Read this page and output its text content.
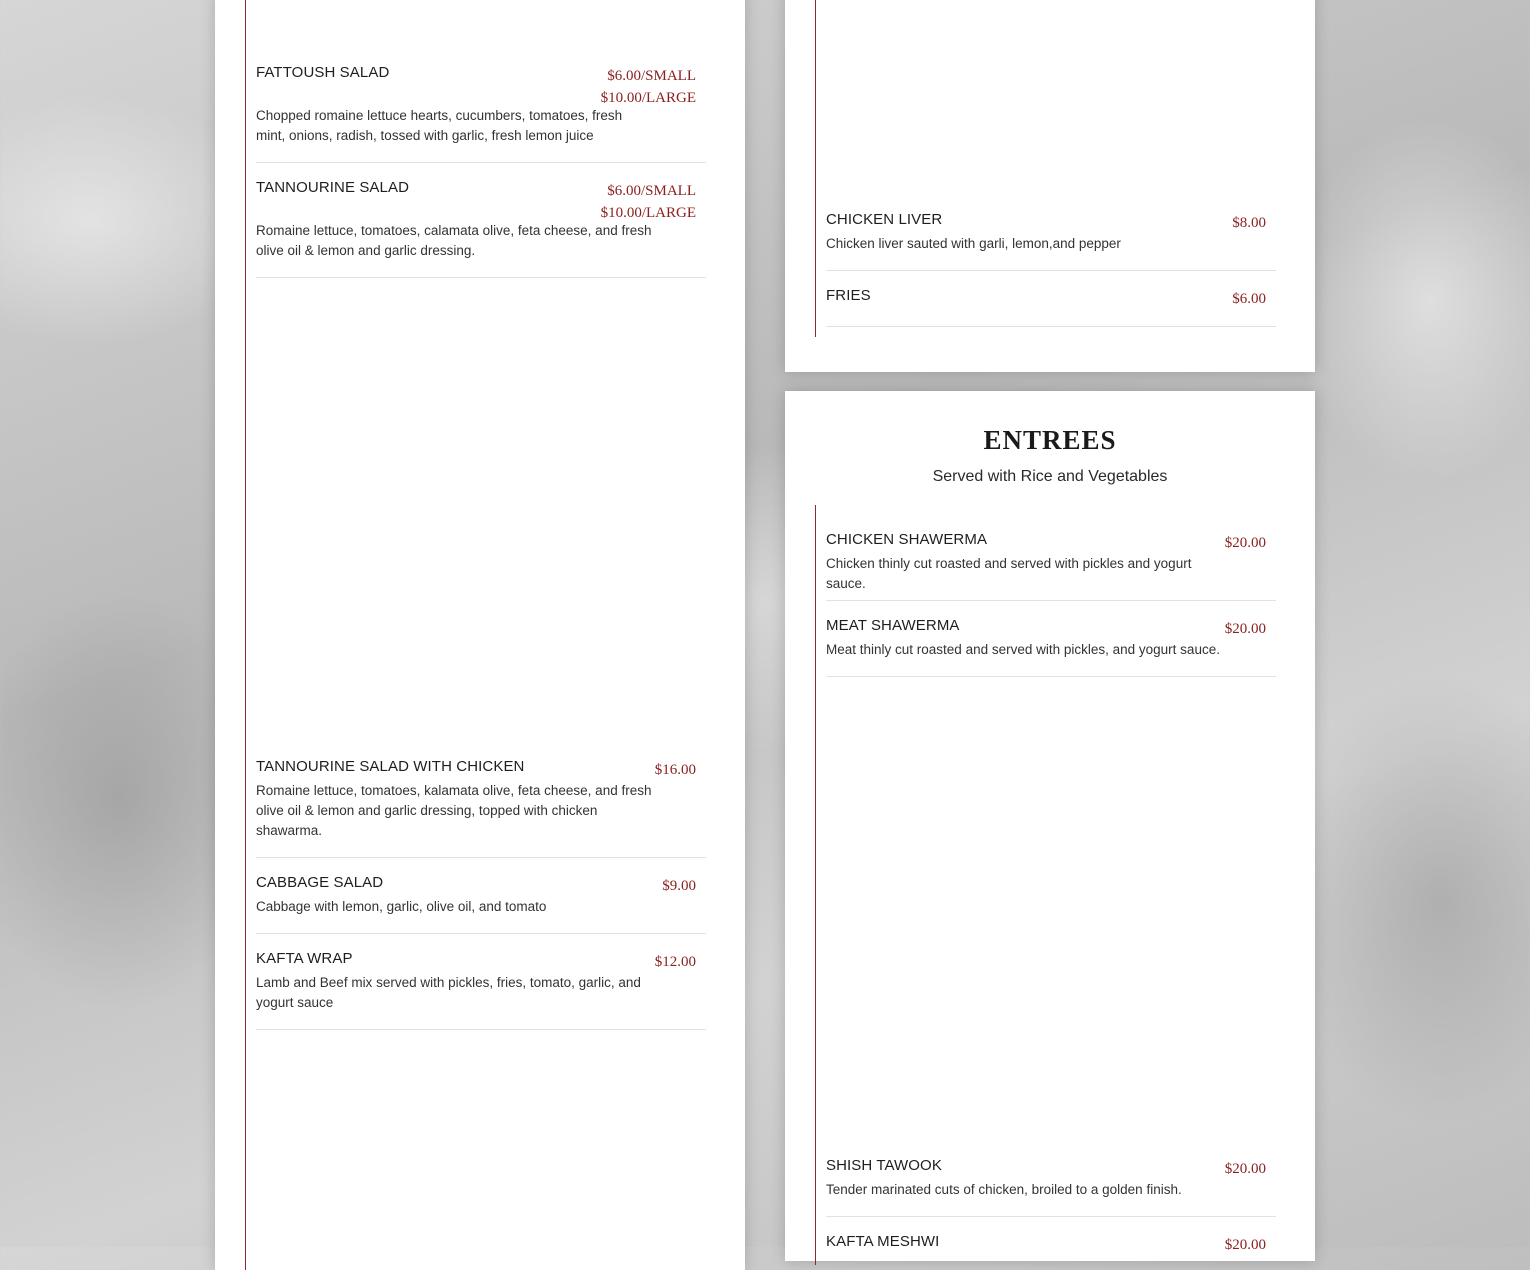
FATTOUSH SALAD	$6.00/SMALL
$10.00/LARGE
Chopped romaine lettuce hearts, cucumbers, tomatoes, fresh
mint, onions, radish, tossed with garlic, fresh lemon juice
TANNOURINE SALAD	$6.00/SMALL
$10.00/LARGE
Romaine lettuce, tomatoes, calamata olive, feta cheese, and fresh
olive oil & lemon and garlic dressing.
TANNOURINE SALAD WITH CHICKEN	$16.00
Romaine lettuce, tomatoes, kalamata olive, feta cheese, and fresh
olive oil & lemon and garlic dressing, topped with chicken
shawarma.
CABBAGE SALAD	$9.00
Cabbage with lemon, garlic, olive oil, and tomato
KAFTA WRAP	$12.00
Lamb and Beef mix served with pickles, fries, tomato, garlic, and
yogurt sauce
CHICKEN LIVER	$8.00
Chicken liver sauted with garli, lemon,and pepper
FRIES	$6.00
ENTREES
Served with Rice and Vegetables
CHICKEN SHAWERMA	$20.00
Chicken thinly cut roasted and served with pickles and yogurt
sauce.
MEAT SHAWERMA	$20.00
Meat thinly cut roasted and served with pickles, and yogurt sauce.
SHISH TAWOOK	$20.00
Tender marinated cuts of chicken, broiled to a golden finish.
KAFTA MESHWI	$20.00
